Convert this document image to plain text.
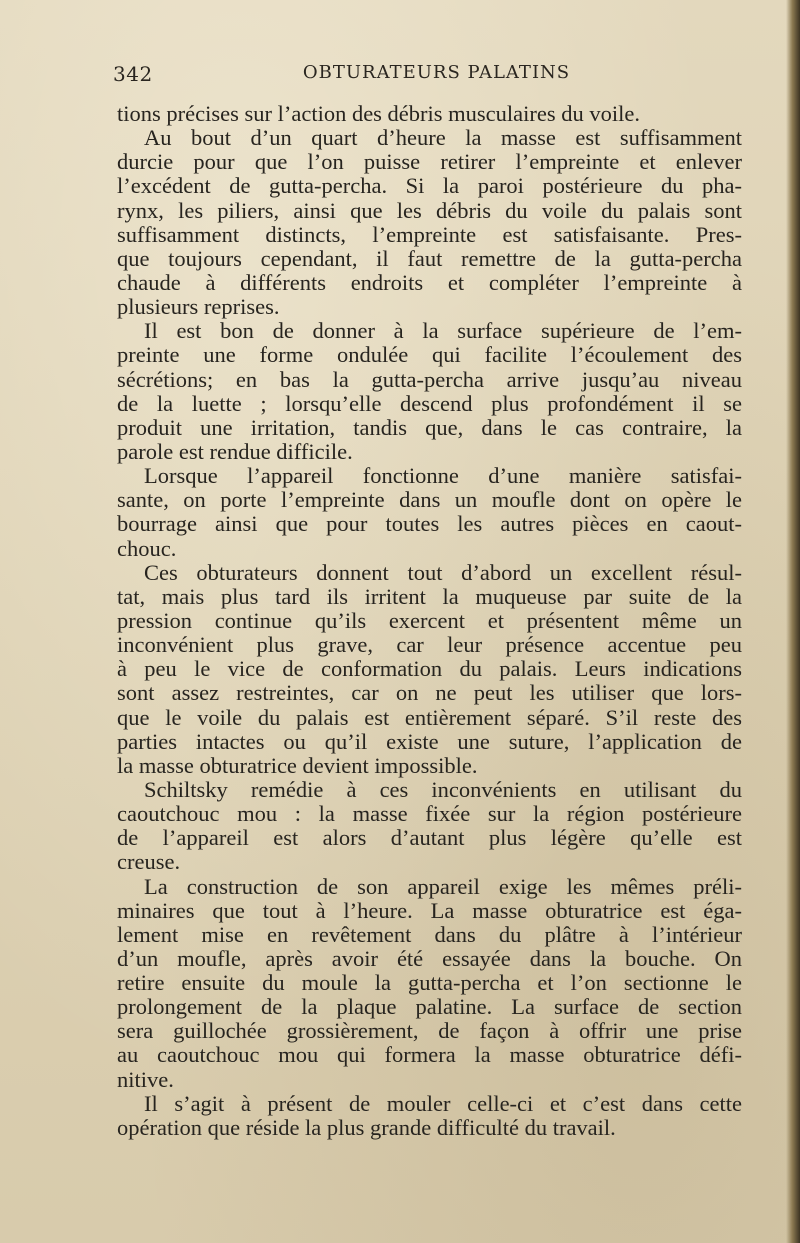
342	OBTURATEURS PALATINS
tions précises sur l’action des débris musculaires du voile.
Au bout d’un quart d’heure la masse est suffisamment
durcie pour que l’on puisse retirer l’empreinte et enlever
l’excédent de gutta-percha. Si la paroi postérieure du pha-
rynx, les piliers, ainsi que les débris du voile du palais sont
suffisamment distincts, l’empreinte est satisfaisante. Pres-
que toujours cependant, il faut remettre de la gutta-percha
chaude à différents endroits et compléter l’empreinte à
plusieurs reprises.
Il est bon de donner à la surface supérieure de l’em-
preinte une forme ondulée qui facilite l’écoulement des
sécrétions; en bas la gutta-percha arrive jusqu’au niveau
de la luette ; lorsqu’elle descend plus profondément il se
produit une irritation, tandis que, dans le cas contraire, la
parole est rendue difficile.
Lorsque l’appareil fonctionne d’une manière satisfai-
sante, on porte l’empreinte dans un moufle dont on opère le
bourrage ainsi que pour toutes les autres pièces en caout-
chouc.
Ces obturateurs donnent tout d’abord un excellent résul-
tat, mais plus tard ils irritent la muqueuse par suite de la
pression continue qu’ils exercent et présentent même un
inconvénient plus grave, car leur présence accentue peu
à peu le vice de conformation du palais. Leurs indications
sont assez restreintes, car on ne peut les utiliser que lors-
que le voile du palais est entièrement séparé. S’il reste des
parties intactes ou qu’il existe une suture, l’application de
la masse obturatrice devient impossible.
Schiltsky remédie à ces inconvénients en utilisant du
caoutchouc mou : la masse fixée sur la région postérieure
de l’appareil est alors d’autant plus légère qu’elle est
creuse.
La construction de son appareil exige les mêmes préli-
minaires que tout à l’heure. La masse obturatrice est éga-
lement mise en revêtement dans du plâtre à l’intérieur
d’un moufle, après avoir été essayée dans la bouche. On
retire ensuite du moule la gutta-percha et l’on sectionne le
prolongement de la plaque palatine. La surface de section
sera guillochée grossièrement, de façon à offrir une prise
au caoutchouc mou qui formera la masse obturatrice défi-
nitive.
Il s’agit à présent de mouler celle-ci et c’est dans cette
opération que réside la plus grande difficulté du travail.
